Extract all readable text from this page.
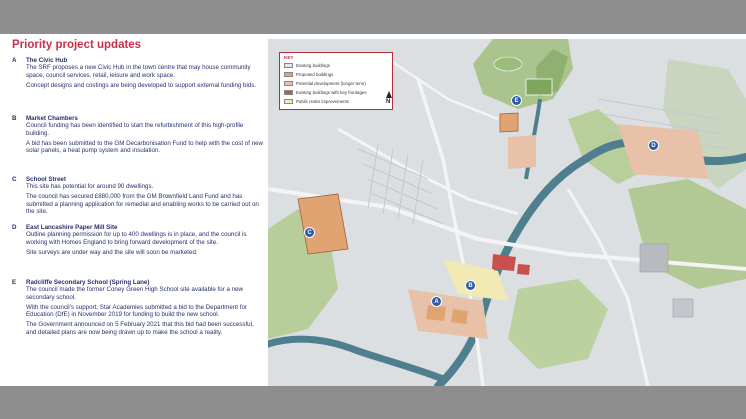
Priority project updates
A The Civic Hub

The SRF proposes a new Civic Hub in the town centre that may house community space, council services, retail, leisure and work space.

Concept designs and costings are being developed to support external funding bids.

B Market Chambers

Council funding has been identified to start the refurbishment of this high-profile building.

A bid has been submitted to the GM Decarbonisation Fund to help with the cost of new solar panels, a heat pump system and insulation.

C School Street

This site has potential for around 90 dwellings.

The council has secured £880,000 from the GM Brownfield Land Fund and has submitted a planning application for remedial and enabling works to be carried out on the site.

D East Lancashire Paper Mill Site

Outline planning permission for up to 400 dwellings is in place, and the council is working with Homes England to bring forward development of the site.

Site surveys are under way and the site will soon be marketed.

E Radcliffe Secondary School (Spring Lane)

The council made the former Coney Green High School site available for a new secondary school.

With the council's support, Star Academies submitted a bid to the Department for Education (DfE) in November 2019 for funding to build the new school.

The Government announced on 5 February 2021 that this bid had been successful, and detailed plans are now being drawn up to make the school a reality.

KEY
Existing buildings
Proposed buildings
Potential development (longer term)
Existing buildings with key frontages
Public realm improvements	N
A
B
C
D
E
